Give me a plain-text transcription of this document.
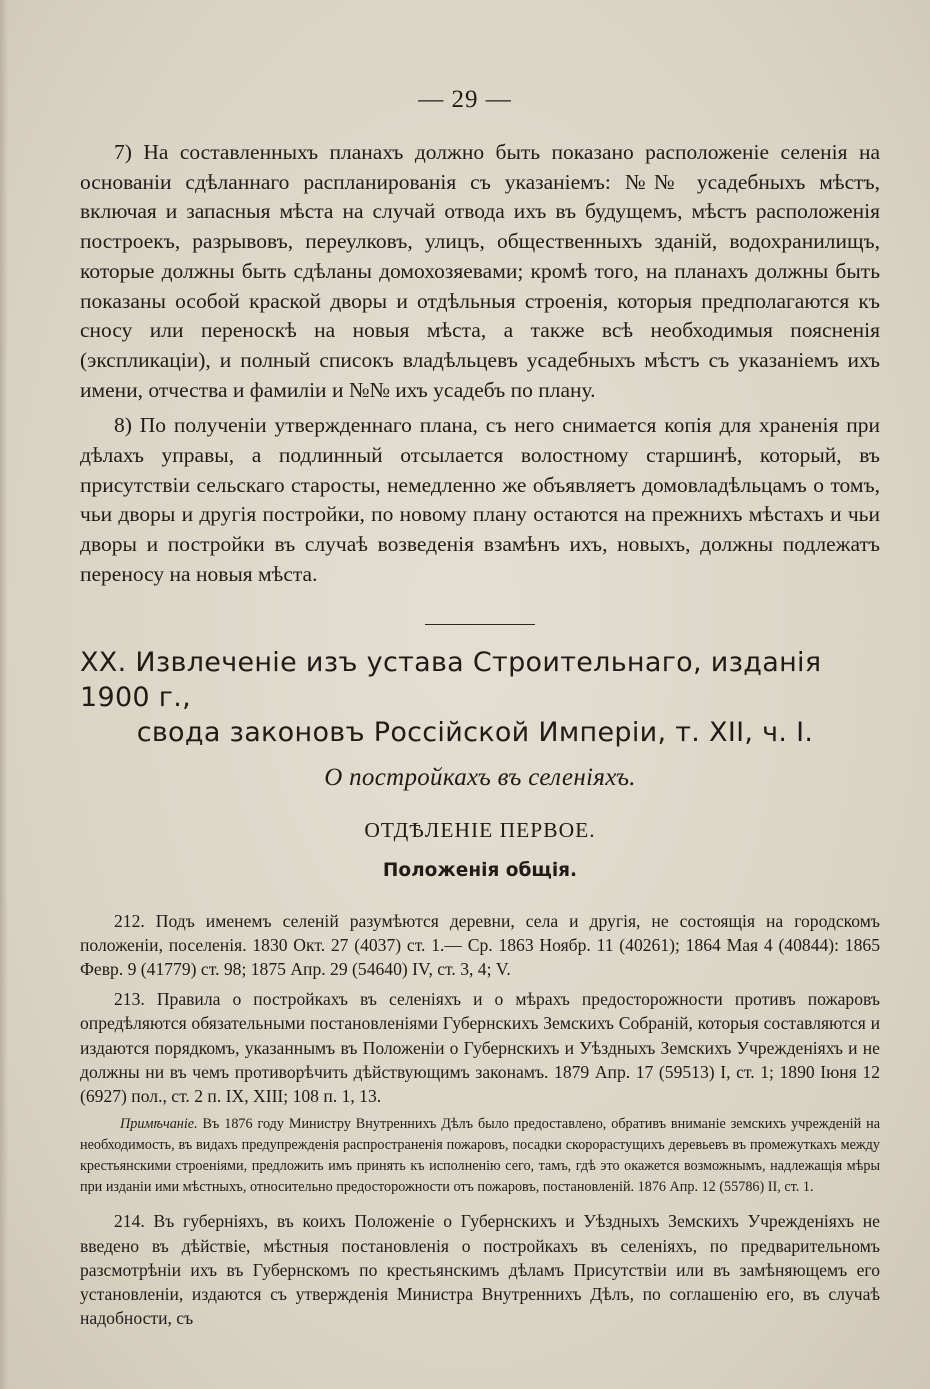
— 29 —

7) На составленныхъ планахъ должно быть показано расположеніе селенія на основаніи сдѣланнаго распланированія съ указаніемъ: №№ усадебныхъ мѣстъ, включая и запасныя мѣста на случай отвода ихъ въ будущемъ, мѣстъ расположенія построекъ, разрывовъ, переулковъ, улицъ, общественныхъ зданій, водохранилищъ, которые должны быть сдѣланы домохозяевами; кромѣ того, на планахъ должны быть показаны особой краской дворы и отдѣльныя строенія, которыя предполагаются къ сносу или переноскѣ на новыя мѣста, а также всѣ необходимыя поясненія (экспликаціи), и полный списокъ владѣльцевъ усадебныхъ мѣстъ съ указаніемъ ихъ имени, отчества и фамиліи и №№ ихъ усадебъ по плану.

8) По полученіи утвержденнаго плана, съ него снимается копія для храненія при дѣлахъ управы, а подлинный отсылается волостному старшинѣ, который, въ присутствіи сельскаго старосты, немедленно же объявляетъ домовладѣльцамъ о томъ, чьи дворы и другія постройки, по новому плану остаются на прежнихъ мѣстахъ и чьи дворы и постройки въ случаѣ возведенія взамѣнъ ихъ, новыхъ, должны подлежатъ переносу на новыя мѣста.

XX. Извлеченіе изъ устава Строительнаго, изданія 1900 г.,
свода законовъ Россійской Имперіи, т. XII, ч. I.
О постройкахъ въ селеніяхъ.
ОТДѢЛЕНІЕ ПЕРВОЕ.
Положенія общія.

212. Подъ именемъ селеній разумѣются деревни, села и другія, не состоящія на городскомъ положеніи, поселенія. 1830 Окт. 27 (4037) ст. 1.— Ср. 1863 Ноябр. 11 (40261); 1864 Мая 4 (40844): 1865 Февр. 9 (41779) ст. 98; 1875 Апр. 29 (54640) IV, ст. 3, 4; V.

213. Правила о постройкахъ въ селеніяхъ и о мѣрахъ предосторожности противъ пожаровъ опредѣляются обязательными постановленіями Губернскихъ Земскихъ Собраній, которыя составляются и издаются порядкомъ, указаннымъ въ Положеніи о Губернскихъ и Уѣздныхъ Земскихъ Учрежденіяхъ и не должны ни въ чемъ противорѣчить дѣйствующимъ законамъ. 1879 Апр. 17 (59513) I, ст. 1; 1890 Іюня 12 (6927) пол., ст. 2 п. IX, XIII; 108 п. 1, 13.

Примѣчаніе. Въ 1876 году Министру Внутреннихъ Дѣлъ было предоставлено, обративъ вниманіе земскихъ учрежденій на необходимость, въ видахъ предупрежденія распространенія пожаровъ, посадки скорорастущихъ деревьевъ въ промежуткахъ между крестьянскими строеніями, предложить имъ принять къ исполненію сего, тамъ, гдѣ это окажется возможнымъ, надлежащія мѣры при изданіи ими мѣстныхъ, относительно предосторожности отъ пожаровъ, постановленій. 1876 Апр. 12 (55786) II, ст. 1.

214. Въ губерніяхъ, въ коихъ Положеніе о Губернскихъ и Уѣздныхъ Земскихъ Учрежденіяхъ не введено въ дѣйствіе, мѣстныя постановленія о постройкахъ въ селеніяхъ, по предварительномъ разсмотрѣніи ихъ въ Губернскомъ по крестьянскимъ дѣламъ Присутствіи или въ замѣняющемъ его установленіи, издаются съ утвержденія Министра Внутреннихъ Дѣлъ, по соглашенію его, въ случаѣ надобности, съ
